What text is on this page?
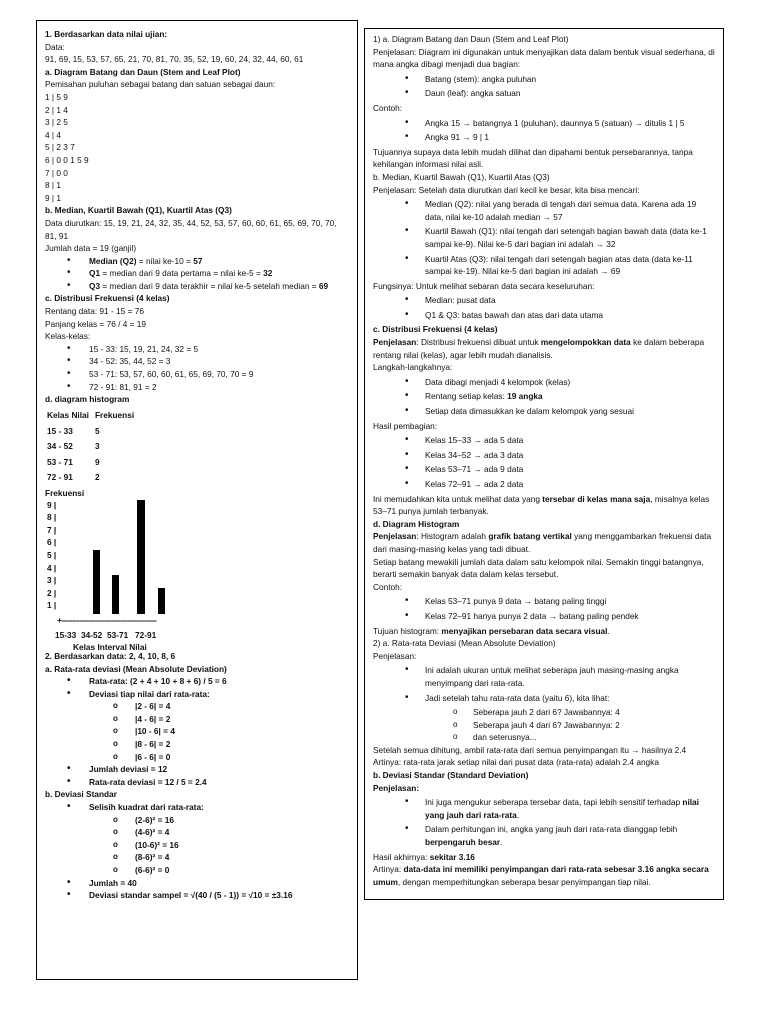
1. Berdasarkan data nilai ujian:
Data:
91, 69, 15, 53, 57, 65, 21, 70, 81, 70, 35, 52, 19, 60, 24, 32, 44, 60, 61
a. Diagram Batang dan Daun (Stem and Leaf Plot)
Pemisahan puluhan sebagai batang dan satuan sebagai daun:
1 | 5 9
2 | 1 4
3 | 2 5
4 | 4
5 | 2 3 7
6 | 0 0 1 5 9
7 | 0 0
8 | 1
9 | 1
b. Median, Kuartil Bawah (Q1), Kuartil Atas (Q3)
Data diurutkan: 15, 19, 21, 24, 32, 35, 44, 52, 53, 57, 60, 60, 61, 65, 69, 70, 70, 81, 91
Jumlah data = 19 (ganjil)
• Median (Q2) = nilai ke-10 = 57
• Q1 = median dari 9 data pertama = nilai ke-5 = 32
• Q3 = median dari 9 data terakhir = nilai ke-5 setelah median = 69
c. Distribusi Frekuensi (4 kelas)
Rentang data: 91 - 15 = 76
Panjang kelas = 76 / 4 = 19
Kelas-kelas:
• 15 - 33: 15, 19, 21, 24, 32 = 5
• 34 - 52: 35, 44, 52 = 3
• 53 - 71: 53, 57, 60, 60, 61, 65, 69, 70, 70 = 9
• 72 - 91: 81, 91 = 2
d. diagram histogram
Kelas Nilai	Frekuensi
15 - 33	5
34 - 52	3
53 - 71	9
72 - 91	2
Frekuensi
+------------------------------------------
Kelas Interval Nilai
9 |
8 |
7 |
6 |
5 |
4 |
3 |
2 |
1 |
15-33 34-52 53-71 72-91
2. Berdasarkan data: 2, 4, 10, 8, 6
a. Rata-rata deviasi (Mean Absolute Deviation)
• Rata-rata: (2 + 4 + 10 + 8 + 6) / 5 = 6
• Deviasi tiap nilai dari rata-rata:
o |2 - 6| = 4
o |4 - 6| = 2
o |10 - 6| = 4
o |8 - 6| = 2
o |6 - 6| = 0
• Jumlah deviasi = 12
• Rata-rata deviasi = 12 / 5 = 2.4
b. Deviasi Standar
• Selisih kuadrat dari rata-rata:
o (2-6)² = 16
o (4-6)² = 4
o (10-6)² = 16
o (8-6)² = 4
o (6-6)² = 0
• Jumlah = 40
• Deviasi standar sampel = √(40 / (5 - 1)) = √10 = ±3.16
1) a. Diagram Batang dan Daun (Stem and Leaf Plot)
Penjelasan: Diagram ini digunakan untuk menyajikan data dalam bentuk visual sederhana, di mana angka dibagi menjadi dua bagian:
• Batang (stem): angka puluhan
• Daun (leaf): angka satuan
Contoh:
• Angka 15 → batangnya 1 (puluhan), daunnya 5 (satuan) → ditulis 1 | 5
• Angka 91 → 9 | 1
Tujuannya supaya data lebih mudah dilihat dan dipahami bentuk persebarannya, tanpa kehilangan informasi nilai asli.
b. Median, Kuartil Bawah (Q1), Kuartil Atas (Q3)
Penjelasan: Setelah data diurutkan dari kecil ke besar, kita bisa mencari:
• Median (Q2): nilai yang berada di tengah dari semua data. Karena ada 19 data, nilai ke-10 adalah median → 57
• Kuartil Bawah (Q1): nilai tengah dari setengah bagian bawah data (data ke-1 sampai ke-9). Nilai ke-5 dari bagian ini adalah → 32
• Kuartil Atas (Q3): nilai tengah dari setengah bagian atas data (data ke-11 sampai ke-19). Nilai ke-5 dari bagian ini adalah → 69
Fungsinya: Untuk melihat sebaran data secara keseluruhan:
• Median: pusat data
• Q1 & Q3: batas bawah dan atas dari data utama
c. Distribusi Frekuensi (4 kelas)
Penjelasan: Distribusi frekuensi dibuat untuk mengelompokkan data ke dalam beberapa rentang nilai (kelas), agar lebih mudah dianalisis.
Langkah-langkahnya:
• Data dibagi menjadi 4 kelompok (kelas)
• Rentang setiap kelas: 19 angka
• Setiap data dimasukkan ke dalam kelompok yang sesuai
Hasil pembagian:
• Kelas 15–33 → ada 5 data
• Kelas 34–52 → ada 3 data
• Kelas 53–71 → ada 9 data
• Kelas 72–91 → ada 2 data
Ini memudahkan kita untuk melihat data yang tersebar di kelas mana saja, misalnya kelas 53–71 punya jumlah terbanyak.
d. Diagram Histogram
Penjelasan: Histogram adalah grafik batang vertikal yang menggambarkan frekuensi data dari masing-masing kelas yang tadi dibuat.
Setiap batang mewakili jumlah data dalam satu kelompok nilai. Semakin tinggi batangnya, berarti semakin banyak data dalam kelas tersebut.
Contoh:
• Kelas 53–71 punya 9 data → batang paling tinggi
• Kelas 72–91 hanya punya 2 data → batang paling pendek
Tujuan histogram: menyajikan persebaran data secara visual.
2) a. Rata-rata Deviasi (Mean Absolute Deviation)
Penjelasan:
• Ini adalah ukuran untuk melihat seberapa jauh masing-masing angka menyimpang dari rata-rata.
• Jadi setelah tahu rata-rata data (yaitu 6), kita lihat:
o Seberapa jauh 2 dari 6? Jawabannya: 4
o Seberapa jauh 4 dari 6? Jawabannya: 2
o dan seterusnya...
Setelah semua dihitung, ambil rata-rata dari semua penyimpangan itu → hasilnya 2.4
Artinya: rata-rata jarak setiap nilai dari pusat data (rata-rata) adalah 2.4 angka
b. Deviasi Standar (Standard Deviation)
Penjelasan:
• Ini juga mengukur seberapa tersebar data, tapi lebih sensitif terhadap nilai yang jauh dari rata-rata.
• Dalam perhitungan ini, angka yang jauh dari rata-rata dianggap lebih berpengaruh besar.
Hasil akhirnya: sekitar 3.16
Artinya: data-data ini memiliki penyimpangan dari rata-rata sebesar 3.16 angka secara umum, dengan memperhitungkan seberapa besar penyimpangan tiap nilai.
